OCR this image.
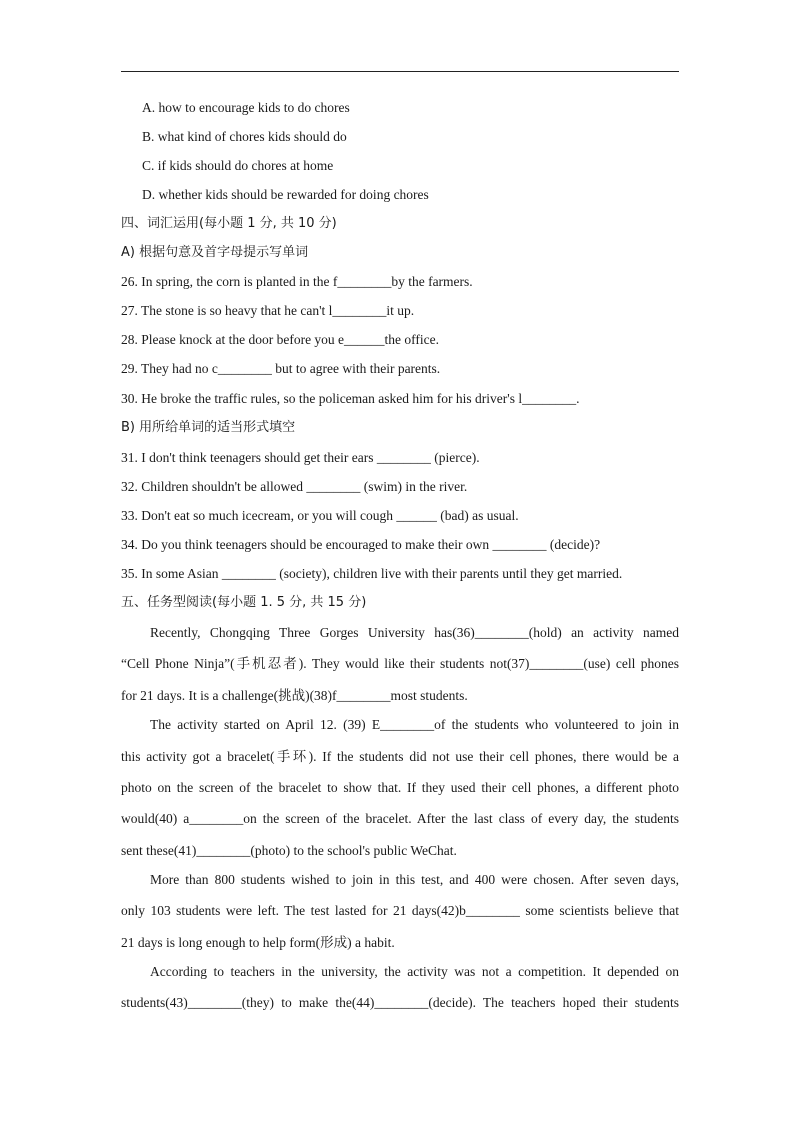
A. how to encourage kids to do chores
B. what kind of chores kids should do
C. if kids should do chores at home
D. whether kids should be rewarded for doing chores
四、词汇运用(每小题 1 分, 共 10 分)
A) 根据句意及首字母提示写单词
26. In spring, the corn is planted in the f________by the farmers.
27. The stone is so heavy that he can't l________it up.
28. Please knock at the door before you e______the office.
29. They had no c________ but to agree with their parents.
30. He broke the traffic rules, so the policeman asked him for his driver's l________.
B) 用所给单词的适当形式填空
31. I don't think teenagers should get their ears ________ (pierce).
32. Children shouldn't be allowed ________ (swim) in the river.
33. Don't eat so much icecream, or you will cough ______ (bad) as usual.
34. Do you think teenagers should be encouraged to make their own ________ (decide)?
35. In some Asian ________ (society), children live with their parents until they get married.
五、任务型阅读(每小题 1. 5 分, 共 15 分)
Recently, Chongqing Three Gorges University has(36)________(hold) an activity named
“Cell Phone Ninja”(手机忍者). They would like their students not(37)________(use) cell phones
for 21 days. It is a challenge(挑战)(38)f________most students.
The activity started on April 12. (39) E________of the students who volunteered to join in
this activity got a bracelet(手环). If the students did not use their cell phones, there would be a
photo on the screen of the bracelet to show that. If they used their cell phones, a different photo
would(40) a________on the screen of the bracelet. After the last class of every day, the students
sent these(41)________(photo) to the school's public WeChat.
More than 800 students wished to join in this test, and 400 were chosen. After seven days,
only 103 students were left. The test lasted for 21 days(42)b________ some scientists believe that
21 days is long enough to help form(形成) a habit.
According to teachers in the university, the activity was not a competition. It depended on
students(43)________(they) to make the(44)________(decide). The teachers hoped their students
